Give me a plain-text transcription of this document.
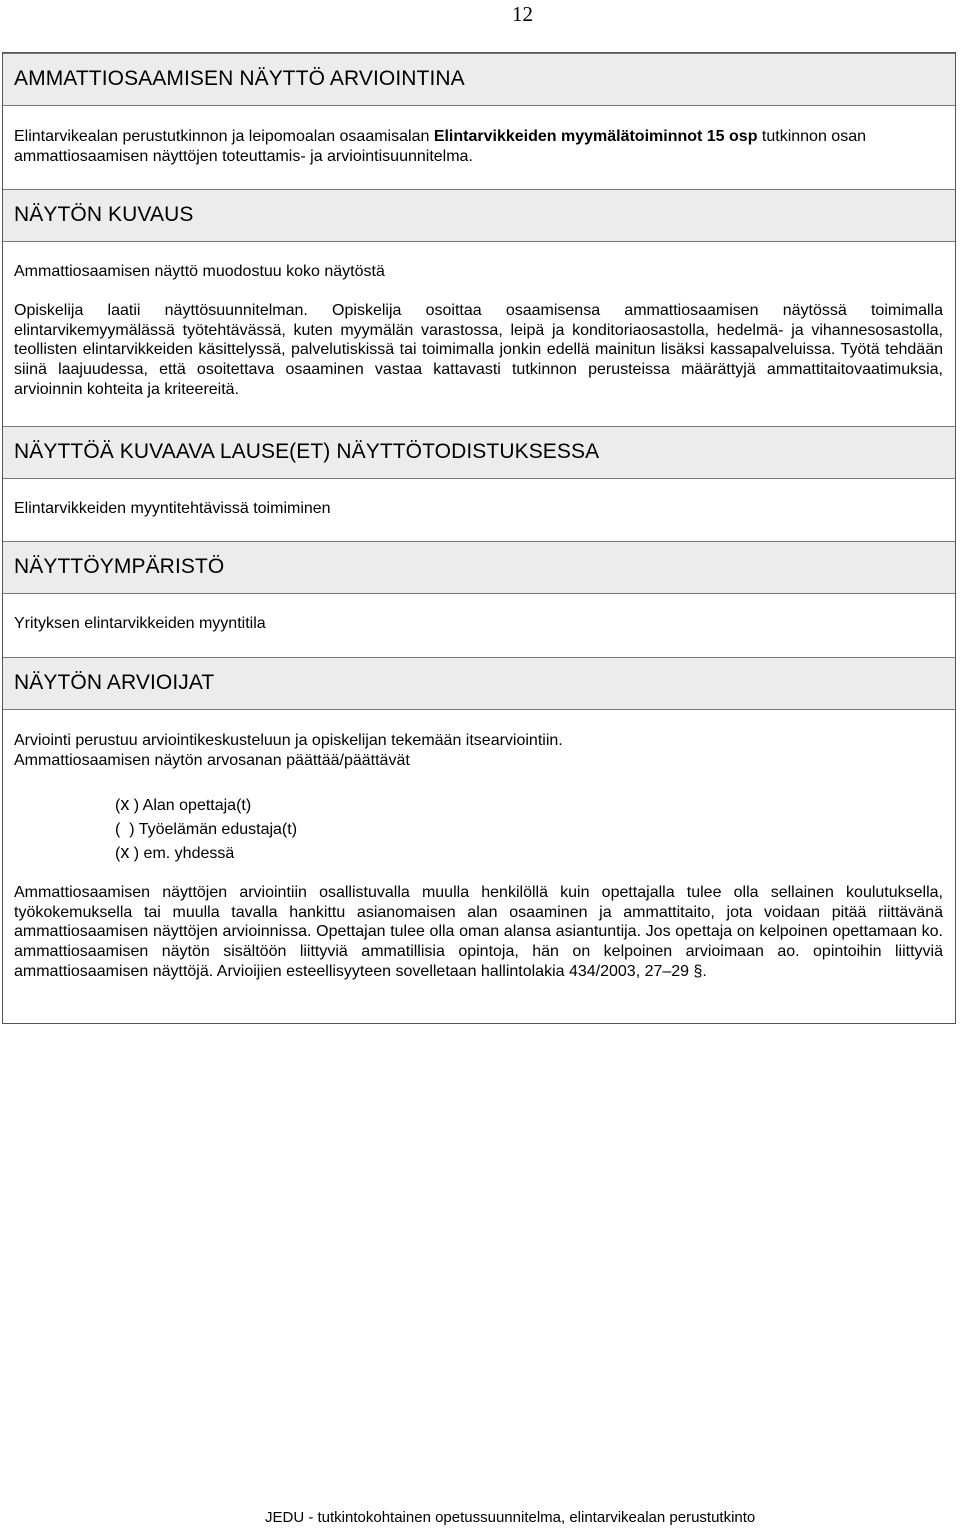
12
AMMATTIOSAAMISEN NÄYTTÖ ARVIOINTINA

Elintarvikealan perustutkinnon ja leipomoalan osaamisalan Elintarvikkeiden myymälätoiminnot 15 osp tutkinnon osan ammattiosaamisen näyttöjen toteuttamis- ja arviointisuunnitelma.

NÄYTÖN KUVAUS

Ammattiosaamisen näyttö muodostuu koko näytöstä

Opiskelija laatii näyttösuunnitelman. Opiskelija osoittaa osaamisensa ammattiosaamisen näytössä toimimalla elintarvikemyymälässä työtehtävässä, kuten myymälän varastossa, leipä ja konditoriaosastolla, hedelmä- ja vihannesosastolla, teollisten elintarvikkeiden käsittelyssä, palvelutiskissä tai toimimalla jonkin edellä mainitun lisäksi kassapalveluissa. Työtä tehdään siinä laajuudessa, että osoitettava osaaminen vastaa kattavasti tutkinnon perusteissa määrättyjä ammattitaitovaatimuksia, arvioinnin kohteita ja kriteereitä.

NÄYTTÖÄ KUVAAVA LAUSE(ET) NÄYTTÖTODISTUKSESSA

Elintarvikkeiden myyntitehtävissä toimiminen

NÄYTTÖYMPÄRISTÖ

Yrityksen elintarvikkeiden myyntitila

NÄYTÖN ARVIOIJAT

Arviointi perustuu arviointikeskusteluun ja opiskelijan tekemään itsearviointiin.

Ammattiosaamisen näytön arvosanan päättää/päättävät

(x ) Alan opettaja(t)
(  ) Työelämän edustaja(t)
(x ) em. yhdessä

Ammattiosaamisen näyttöjen arviointiin osallistuvalla muulla henkilöllä kuin opettajalla tulee olla sellainen koulutuksella, työkokemuksella tai muulla tavalla hankittu asianomaisen alan osaaminen ja ammattitaito, jota voidaan pitää riittävänä ammattiosaamisen näyttöjen arvioinnissa. Opettajan tulee olla oman alansa asiantuntija. Jos opettaja on kelpoinen opettamaan ko. ammattiosaamisen näytön sisältöön liittyviä ammatillisia opintoja, hän on kelpoinen arvioimaan ao. opintoihin liittyviä ammattiosaamisen näyttöjä. Arvioijien esteellisyyteen sovelletaan hallintolakia 434/2003, 27–29 §.

JEDU - tutkintokohtainen opetussuunnitelma, elintarvikealan perustutkinto
